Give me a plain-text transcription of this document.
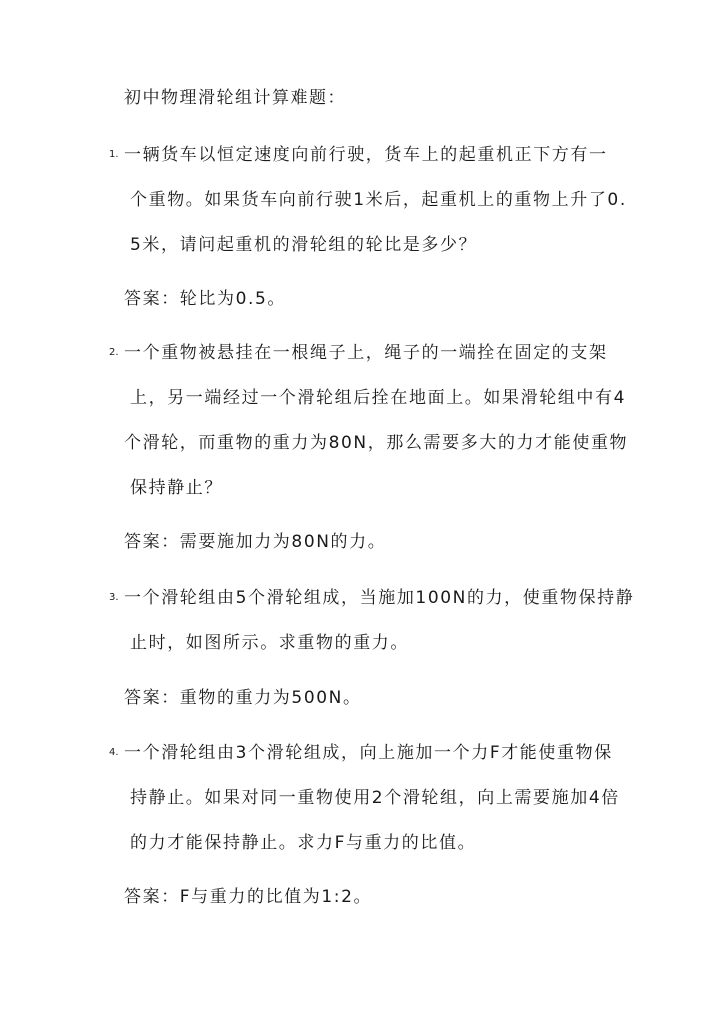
初中物理滑轮组计算难题：
1. 一辆货车以恒定速度向前行驶，货车上的起重机正下方有一
个重物。如果货车向前行驶1米后，起重机上的重物上升了0.
5米，请问起重机的滑轮组的轮比是多少？
答案：轮比为0.5。
2. 一个重物被悬挂在一根绳子上，绳子的一端拴在固定的支架
上，另一端经过一个滑轮组后拴在地面上。如果滑轮组中有4
个滑轮，而重物的重力为80N，那么需要多大的力才能使重物
保持静止？
答案：需要施加力为80N的力。
3. 一个滑轮组由5个滑轮组成，当施加100N的力，使重物保持静
止时，如图所示。求重物的重力。
答案：重物的重力为500N。
4. 一个滑轮组由3个滑轮组成，向上施加一个力F才能使重物保
持静止。如果对同一重物使用2个滑轮组，向上需要施加4倍
的力才能保持静止。求力F与重力的比值。
答案：F与重力的比值为1:2。
